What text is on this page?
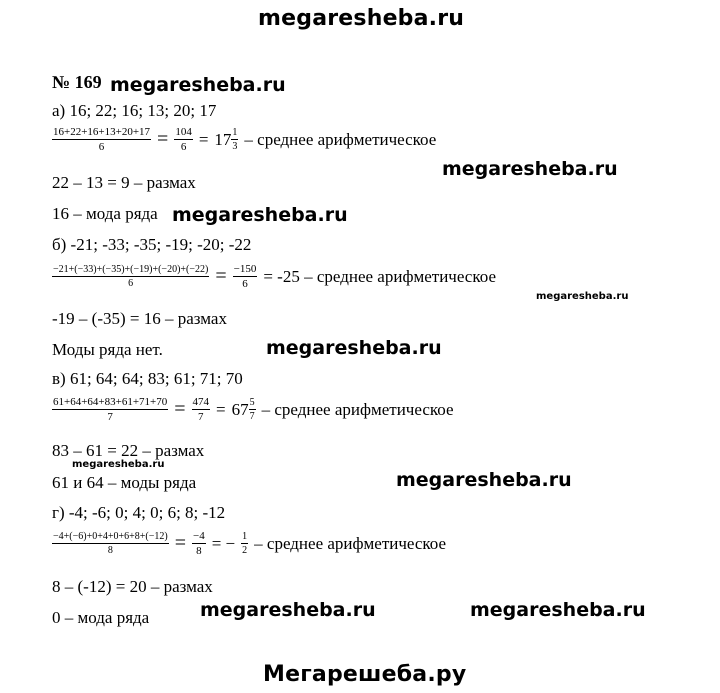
megaresheba.ru
№ 169 megaresheba.ru
а) 16; 22; 16; 13; 20; 17
$\frac{16+22+16+13+20+17}{6} = \frac{104}{6} = 17 \frac{1}{3}$ – среднее арифметическое
megaresheba.ru
22 – 13 = 9 – размах
16 – мода ряда megaresheba.ru
б) -21; -33; -35; -19; -20; -22
$\frac{-21+(-33)+(-35)+(-19)+(-20)+(-22)}{6} = \frac{-150}{6} = -25$ – среднее арифметическое
megaresheba.ru
-19 – (-35) = 16 – размах
Моды ряда нет.	megaresheba.ru
в) 61; 64; 64; 83; 61; 71; 70
$\frac{61+64+64+83+61+71+70}{7} = \frac{474}{7} = 67 \frac{5}{7}$ – среднее арифметическое
83 – 61 = 22 – размах
megaresheba.ru
61 и 64 – моды ряда	megaresheba.ru
г) -4; -6; 0; 4; 0; 6; 8; -12
$\frac{-4+(-6)+0+4+0+6+8+(-12)}{8} = \frac{-4}{8}$ = − $\frac{1}{2}$ – среднее арифметическое
8 – (-12) = 20 – размах
0 – мода ряда	megaresheba.ru	megaresheba.ru
Мегарешеба.ру
